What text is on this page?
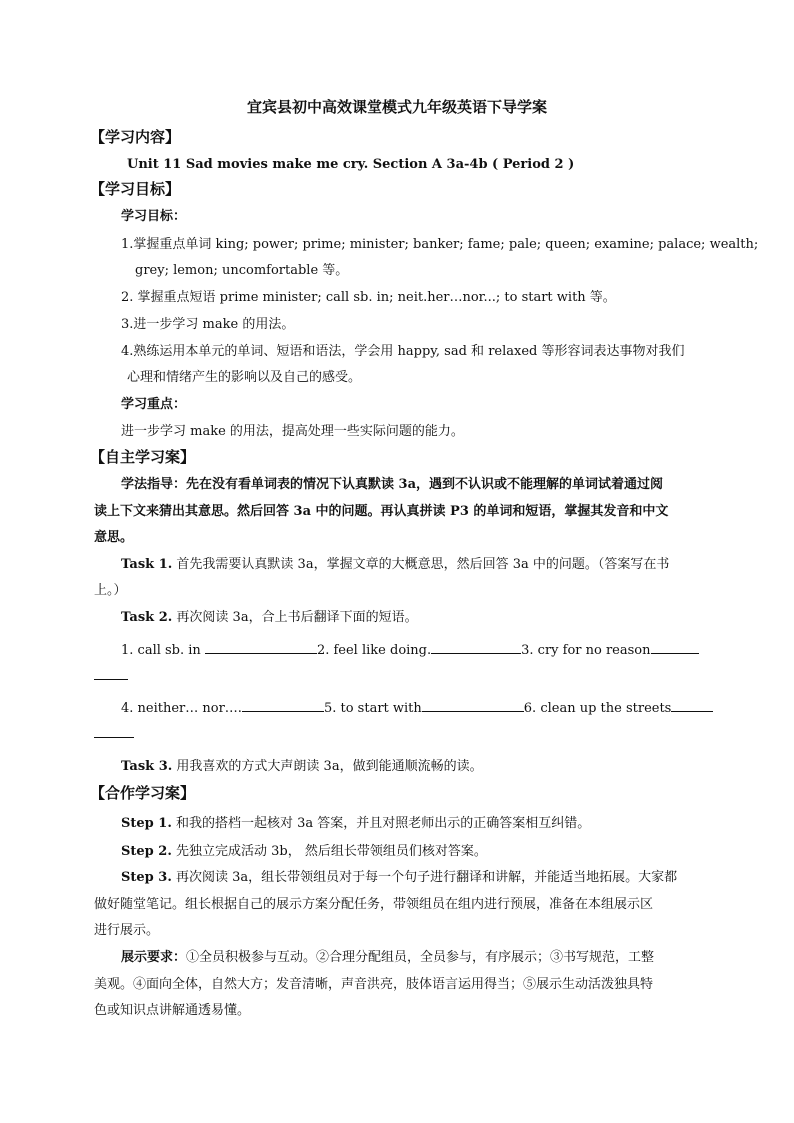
宜宾县初中高效课堂模式九年级英语下导学案
【学习内容】
Unit 11 Sad movies make me cry. Section A 3a-4b ( Period 2 )
【学习目标】
学习目标：
1.掌握重点单词 king; power; prime; minister; banker; fame; pale; queen; examine; palace; wealth;
grey; lemon; uncomfortable 等。
2. 掌握重点短语 prime minister; call sb. in; neit.her…nor...; to start with 等。
3.进一步学习 make 的用法。
4.熟练运用本单元的单词、短语和语法，学会用 happy, sad 和 relaxed 等形容词表达事物对我们
心理和情绪产生的影响以及自己的感受。
学习重点：
进一步学习 make 的用法，提高处理一些实际问题的能力。
【自主学习案】
学法指导：先在没有看单词表的情况下认真默读 3a，遇到不认识或不能理解的单词试着通过阅
读上下文来猜出其意思。然后回答 3a 中的问题。再认真拼读 P3 的单词和短语，掌握其发音和中文
意思。
Task 1. 首先我需要认真默读 3a，掌握文章的大概意思，然后回答 3a 中的问题。（答案写在书
上。）
Task 2. 再次阅读 3a，合上书后翻译下面的短语。
1. call sb. in	2. feel like doing.	3. cry for no reason
4. neither… nor….	5. to start with	6. clean up the streets
Task 3. 用我喜欢的方式大声朗读 3a，做到能通顺流畅的读。
【合作学习案】
Step 1. 和我的搭档一起核对 3a 答案，并且对照老师出示的正确答案相互纠错。
Step 2. 先独立完成活动 3b， 然后组长带领组员们核对答案。
Step 3. 再次阅读 3a，组长带领组员对于每一个句子进行翻译和讲解，并能适当地拓展。大家都
做好随堂笔记。组长根据自己的展示方案分配任务，带领组员在组内进行预展，准备在本组展示区
进行展示。
展示要求：①全员积极参与互动。②合理分配组员，全员参与，有序展示；③书写规范，工整
美观。④面向全体，自然大方；发音清晰，声音洪亮，肢体语言运用得当；⑤展示生动活泼独具特
色或知识点讲解通透易懂。
